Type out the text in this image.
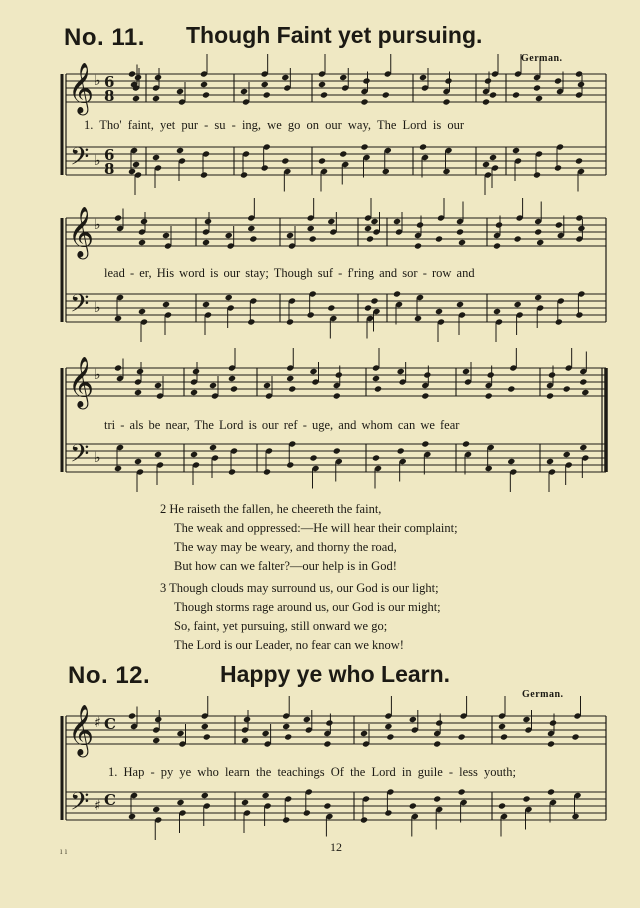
No. 11. Though Faint yet pursuing.
German.
𝄞
𝄢
♭
♭
6
8
6
8
𝄞
𝄢
♭
♭
𝄞
𝄢
♭
♭
𝄞
𝄢
♯
♯
C
C
1. Tho' faint, yet pur - su - ing, we go on our way, The Lord is our
lead - er, His word is our stay; Though suf - f'ring and sor - row and
tri - als be near, The Lord is our ref - uge, and whom can we fear
2 He raiseth the fallen, he cheereth the faint,
The weak and oppressed:—He will hear their complaint;
The way may be weary, and thorny the road,
But how can we falter?—our help is in God!
3 Though clouds may surround us, our God is our light;
Though storms rage around us, our God is our might;
So, faint, yet pursuing, still onward we go;
The Lord is our Leader, no fear can we know!
No. 12.	Happy ye who Learn.
German.
1. Hap - py ye who learn the teachings Of the Lord in guile - less youth;
12
ı ı
